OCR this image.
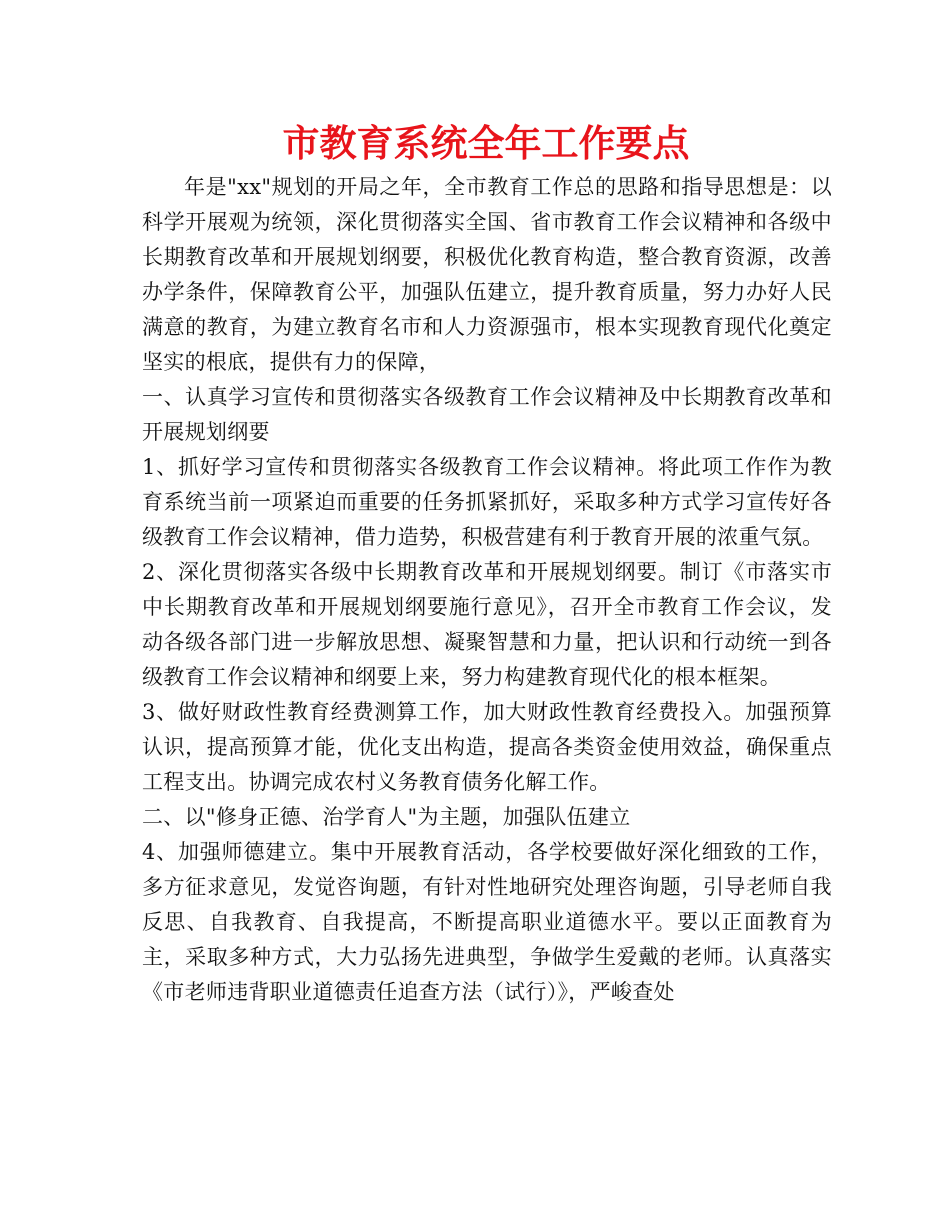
市教育系统全年工作要点

年是"xx"规划的开局之年，全市教育工作总的思路和指导思想是：以科学开展观为统领，深化贯彻落实全国、省市教育工作会议精神和各级中长期教育改革和开展规划纲要，积极优化教育构造，整合教育资源，改善办学条件，保障教育公平，加强队伍建立，提升教育质量，努力办好人民满意的教育，为建立教育名市和人力资源强市，根本实现教育现代化奠定坚实的根底，提供有力的保障，

一、认真学习宣传和贯彻落实各级教育工作会议精神及中长期教育改革和开展规划纲要

1、抓好学习宣传和贯彻落实各级教育工作会议精神。将此项工作作为教育系统当前一项紧迫而重要的任务抓紧抓好，采取多种方式学习宣传好各级教育工作会议精神，借力造势，积极营建有利于教育开展的浓重气氛。

2、深化贯彻落实各级中长期教育改革和开展规划纲要。制订《市落实市中长期教育改革和开展规划纲要施行意见》，召开全市教育工作会议，发动各级各部门进一步解放思想、凝聚智慧和力量，把认识和行动统一到各级教育工作会议精神和纲要上来，努力构建教育现代化的根本框架。

3、做好财政性教育经费测算工作，加大财政性教育经费投入。加强预算认识，提高预算才能，优化支出构造，提高各类资金使用效益，确保重点工程支出。协调完成农村义务教育债务化解工作。

二、以"修身正德、治学育人"为主题，加强队伍建立

4、加强师德建立。集中开展教育活动，各学校要做好深化细致的工作，多方征求意见，发觉咨询题，有针对性地研究处理咨询题，引导老师自我反思、自我教育、自我提高，不断提高职业道德水平。要以正面教育为主，采取多种方式，大力弘扬先进典型，争做学生爱戴的老师。认真落实《市老师违背职业道德责任追查方法（试行）》，严峻查处
